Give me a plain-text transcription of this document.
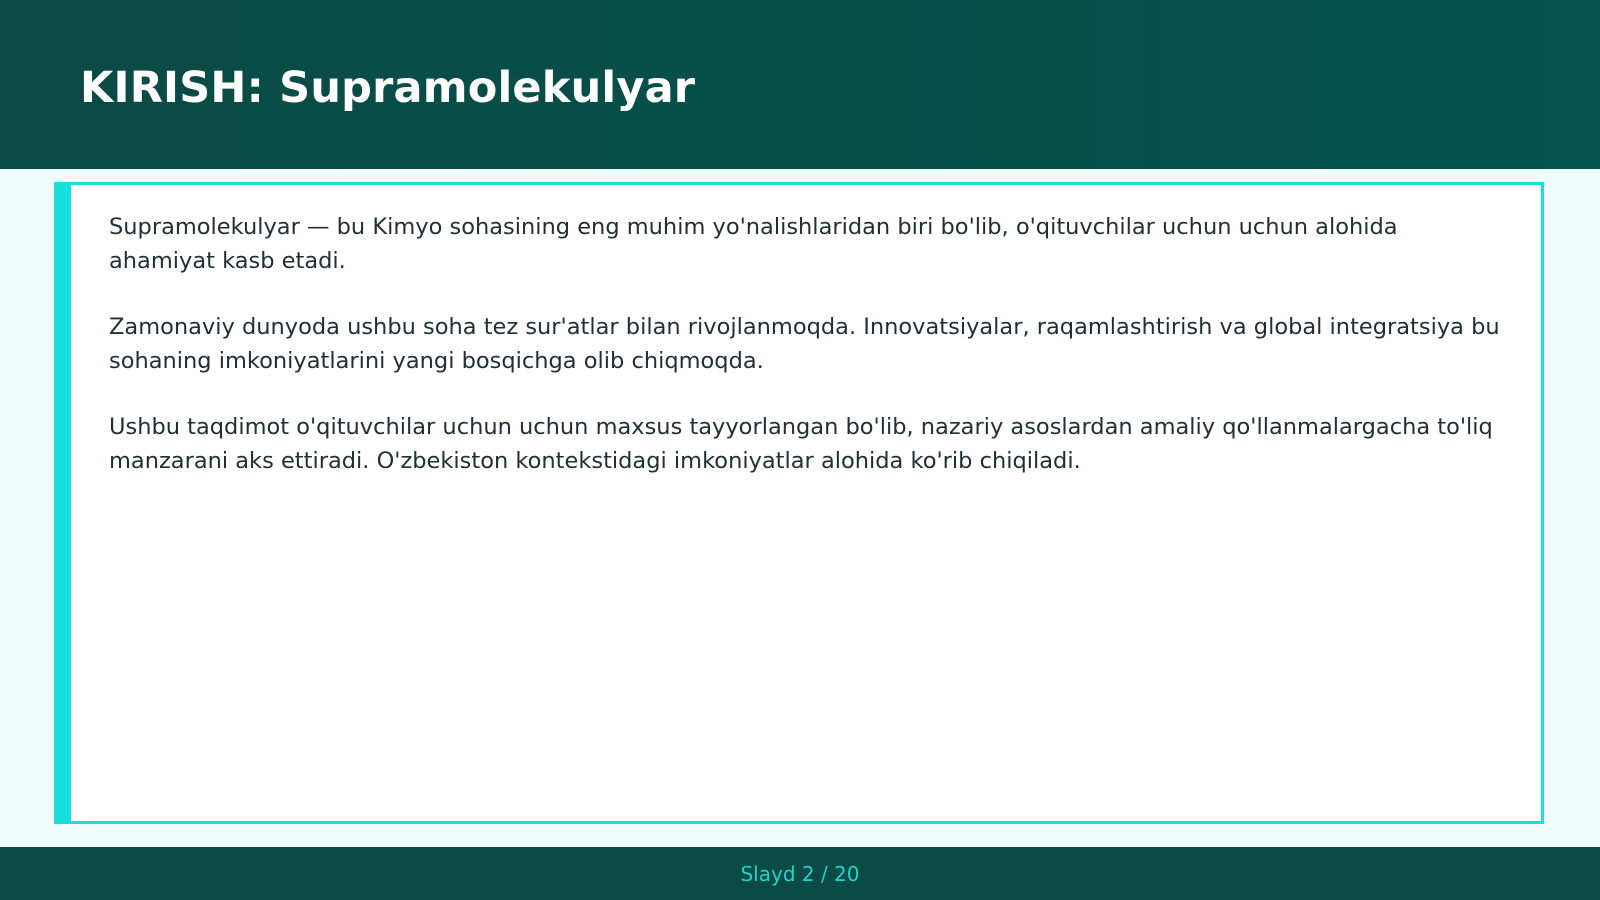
KIRISH: Supramolekulyar

Supramolekulyar — bu Kimyo sohasining eng muhim yo'nalishlaridan biri bo'lib, o'qituvchilar uchun uchun alohida ahamiyat kasb etadi.

Zamonaviy dunyoda ushbu soha tez sur'atlar bilan rivojlanmoqda. Innovatsiyalar, raqamlashtirish va global integratsiya bu sohaning imkoniyatlarini yangi bosqichga olib chiqmoqda.

Ushbu taqdimot o'qituvchilar uchun uchun maxsus tayyorlangan bo'lib, nazariy asoslardan amaliy qo'llanmalargacha to'liq manzarani aks ettiradi. O'zbekiston kontekstidagi imkoniyatlar alohida ko'rib chiqiladi.

Slayd 2 / 20
